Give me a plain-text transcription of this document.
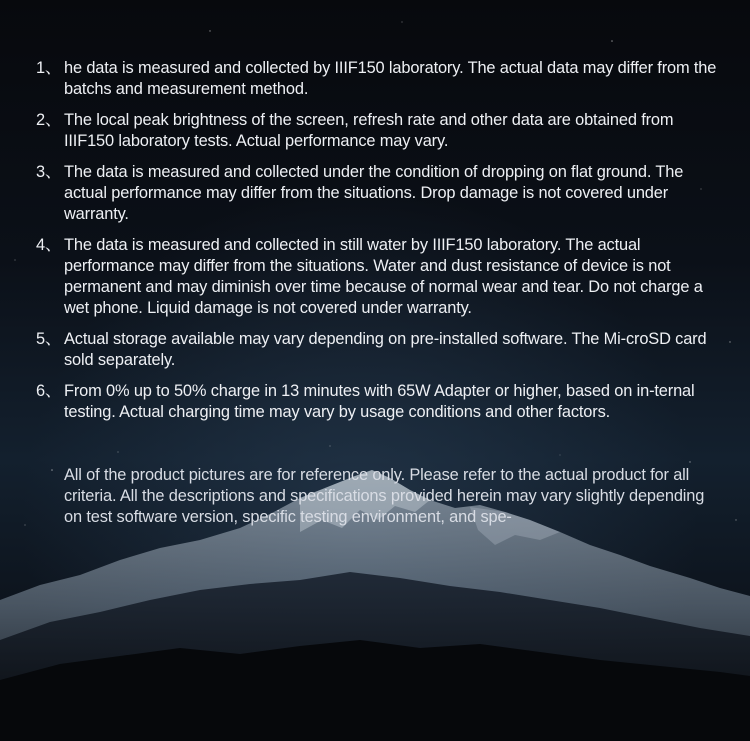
1、 he data is measured and collected by IIIF150 laboratory. The actual data may differ from the batchs and measurement method.
2、 The local peak brightness of the screen, refresh rate and other data are obtained from IIIF150 laboratory tests. Actual performance may vary.
3、 The data is measured and collected under the condition of dropping on flat ground. The actual performance may differ from the situations. Drop damage is not covered under warranty.
4、 The data is measured and collected in still water by IIIF150 laboratory. The actual performance may differ from the situations. Water and dust resistance of device is not permanent and may diminish over time because of normal wear and tear. Do not charge a wet phone. Liquid damage is not covered under warranty.
5、 Actual storage available may vary depending on pre-installed software. The Mi-croSD card sold separately.
6、 From 0% up to 50% charge in 13 minutes with 65W Adapter or higher, based on in-ternal testing. Actual charging time may vary by usage conditions and other factors.
All of the product pictures are for reference only. Please refer to the actual product for all criteria. All the descriptions and specifications provided herein may vary slightly depending on test software version, specific testing environment, and spe-
